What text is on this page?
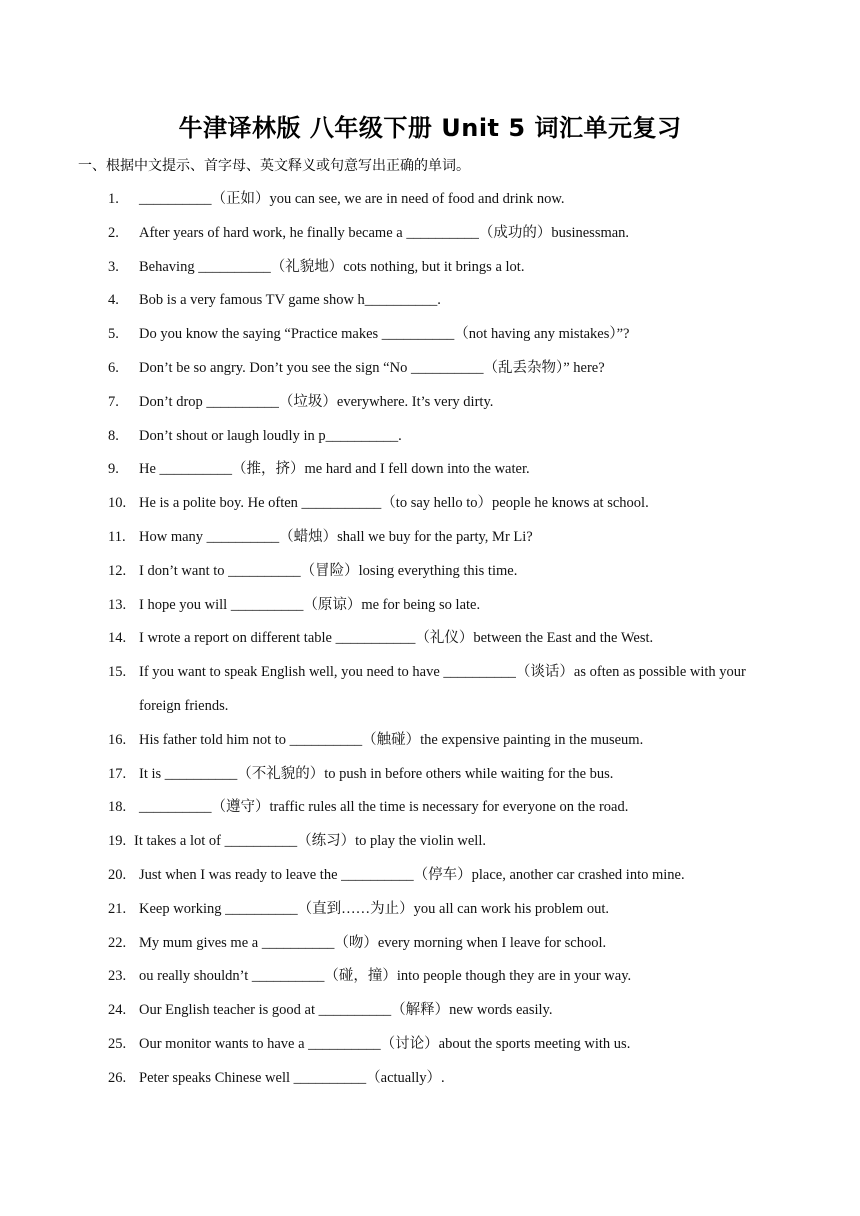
牛津译林版 八年级下册 Unit 5 词汇单元复习
一、根据中文提示、首字母、英文释义或句意写出正确的单词。
1. __________（正如）you can see, we are in need of food and drink now.
2. After years of hard work, he finally became a __________（成功的）businessman.
3. Behaving __________（礼貌地）cots nothing, but it brings a lot.
4. Bob is a very famous TV game show h__________.
5. Do you know the saying “Practice makes __________（not having any mistakes）”?
6. Don’t be so angry. Don’t you see the sign “No __________（乱丢杂物）” here?
7. Don’t drop __________（垃圾）everywhere. It’s very dirty.
8. Don’t shout or laugh loudly in p__________.
9. He __________（推，挤）me hard and I fell down into the water.
10. He is a polite boy. He often ___________（to say hello to）people he knows at school.
11. How many __________（蜡烛）shall we buy for the party, Mr Li?
12. I don’t want to __________（冒险）losing everything this time.
13. I hope you will __________（原谅）me for being so late.
14. I wrote a report on different table ___________（礼仪）between the East and the West.
15. If you want to speak English well, you need to have __________（谈话）as often as possible with your foreign friends.
16. His father told him not to __________（触碰）the expensive painting in the museum.
17. It is __________（不礼貌的）to push in before others while waiting for the bus.
18. __________（遵守）traffic rules all the time is necessary for everyone on the road.
19. It takes a lot of __________（练习）to play the violin well.
20. Just when I was ready to leave the __________（停车）place, another car crashed into mine.
21. Keep working __________（直到……为止）you all can work his problem out.
22. My mum gives me a __________（吻）every morning when I leave for school.
23. ou really shouldn’t __________（碰，撞）into people though they are in your way.
24. Our English teacher is good at __________（解释）new words easily.
25. Our monitor wants to have a __________（讨论）about the sports meeting with us.
26. Peter speaks Chinese well __________（actually）.
